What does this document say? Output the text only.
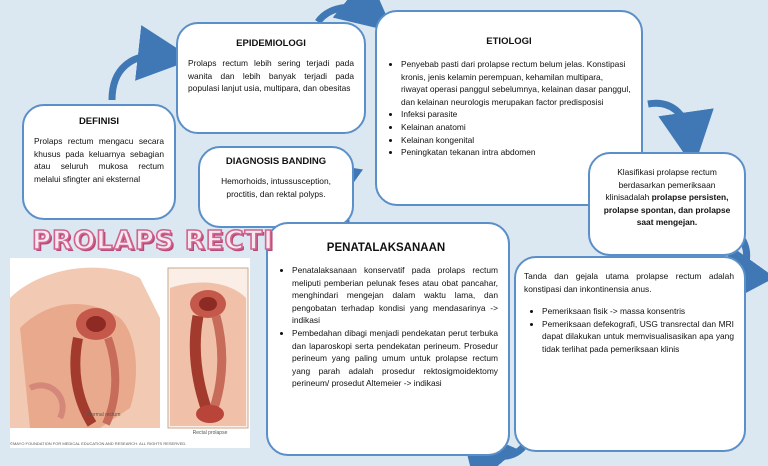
DEFINISI
Prolaps rectum mengacu secara khusus pada keluarnya sebagian atau seluruh mukosa rectum melalui sfingter ani eksternal
EPIDEMIOLOGI
Prolaps rectum lebih sering terjadi pada wanita dan lebih banyak terjadi pada populasi lanjut usia, multipara, dan obesitas
ETIOLOGI
• Penyebab pasti dari prolapse rectum belum jelas. Konstipasi kronis, jenis kelamin perempuan, kehamilan multipara, riwayat operasi panggul sebelumnya, kelainan dasar panggul, dan kelainan neurologis merupakan factor predisposisi
• Infeksi parasite
• Kelainan anatomi
• Kelainan kongenital
• Peningkatan tekanan intra abdomen
DIAGNOSIS BANDING
Hemorhoids, intussusception, proctitis, dan rektal polyps.
Klasifikasi prolapse rectum berdasarkan pemeriksaan klinisadalah prolapse persisten, prolapse spontan, dan prolapse saat mengejan.
PENATALAKSANAAN
• Penatalaksanaan konservatif pada prolaps rectum meliputi pemberian pelunak feses atau obat pancahar, menghindari mengejan dalam waktu lama, dan pengobatan terhadap kondisi yang mendasarinya -> indikasi
• Pembedahan dibagi menjadi pendekatan perut terbuka dan laparoskopi serta pendekatan perineum. Prosedur perineum yang paling umum untuk prolapse rectum yang parah adalah prosedur rektosigmoidektomy perineum/ prosedut Altemeier -> indikasi
Tanda dan gejala utama prolapse rectum adalah konstipasi dan inkontinensia anus.
• Pemeriksaan fisik -> massa konsentris
• Pemeriksaan defekografi, USG transrectal dan MRI dapat dilakukan untuk memvisualisasikan apa yang tidak terlihat pada pemeriksaan klinis
PROLAPS RECTI
Normal rectum
Rectal prolapse
©MAYO FOUNDATION FOR MEDICAL EDUCATION AND RESEARCH. ALL RIGHTS RESERVED.
